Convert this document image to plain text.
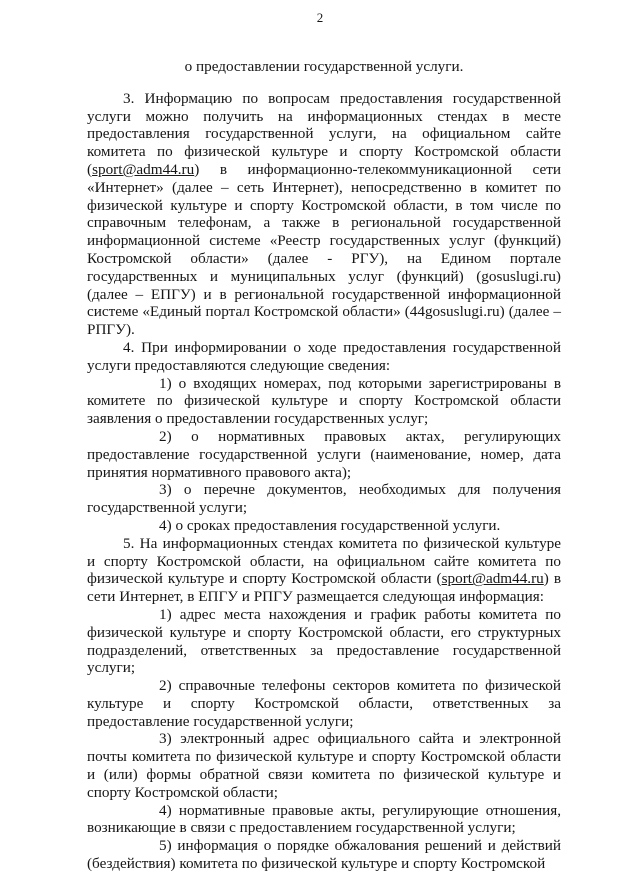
2

о предоставлении государственной услуги.

3. Информацию по вопросам предоставления государственной услуги можно получить на информационных стендах в месте предоставления государственной услуги, на официальном сайте комитета по физической культуре и спорту Костромской области (sport@adm44.ru) в информационно-телекоммуникационной сети «Интернет» (далее – сеть Интернет), непосредственно в комитет по физической культуре и спорту Костромской области, в том числе по справочным телефонам, а также в региональной государственной информационной системе «Реестр государственных услуг (функций) Костромской области» (далее - РГУ), на Едином портале государственных и муниципальных услуг (функций) (gosuslugi.ru) (далее – ЕПГУ) и в региональной государственной информационной системе «Единый портал Костромской области» (44gosuslugi.ru) (далее – РПГУ).

4. При информировании о ходе предоставления государственной услуги предоставляются следующие сведения:

1) о входящих номерах, под которыми зарегистрированы в комитете по физической культуре и спорту Костромской области заявления о предоставлении государственных услуг;

2) о нормативных правовых актах, регулирующих предоставление государственной услуги (наименование, номер, дата принятия нормативного правового акта);

3) о перечне документов, необходимых для получения государственной услуги;

4) о сроках предоставления государственной услуги.

5. На информационных стендах комитета по физической культуре и спорту Костромской области, на официальном сайте комитета по физической культуре и спорту Костромской области (sport@adm44.ru) в сети Интернет, в ЕПГУ и РПГУ размещается следующая информация:

1) адрес места нахождения и график работы комитета по физической культуре и спорту Костромской области, его структурных подразделений, ответственных за предоставление государственной услуги;

2) справочные телефоны секторов комитета по физической культуре и спорту Костромской области, ответственных за предоставление государственной услуги;

3) электронный адрес официального сайта и электронной почты комитета по физической культуре и спорту Костромской области и (или) формы обратной связи комитета по физической культуре и спорту Костромской области;

4) нормативные правовые акты, регулирующие отношения, возникающие в связи с предоставлением государственной услуги;

5) информация о порядке обжалования решений и действий (бездействия) комитета по физической культуре и спорту Костромской
